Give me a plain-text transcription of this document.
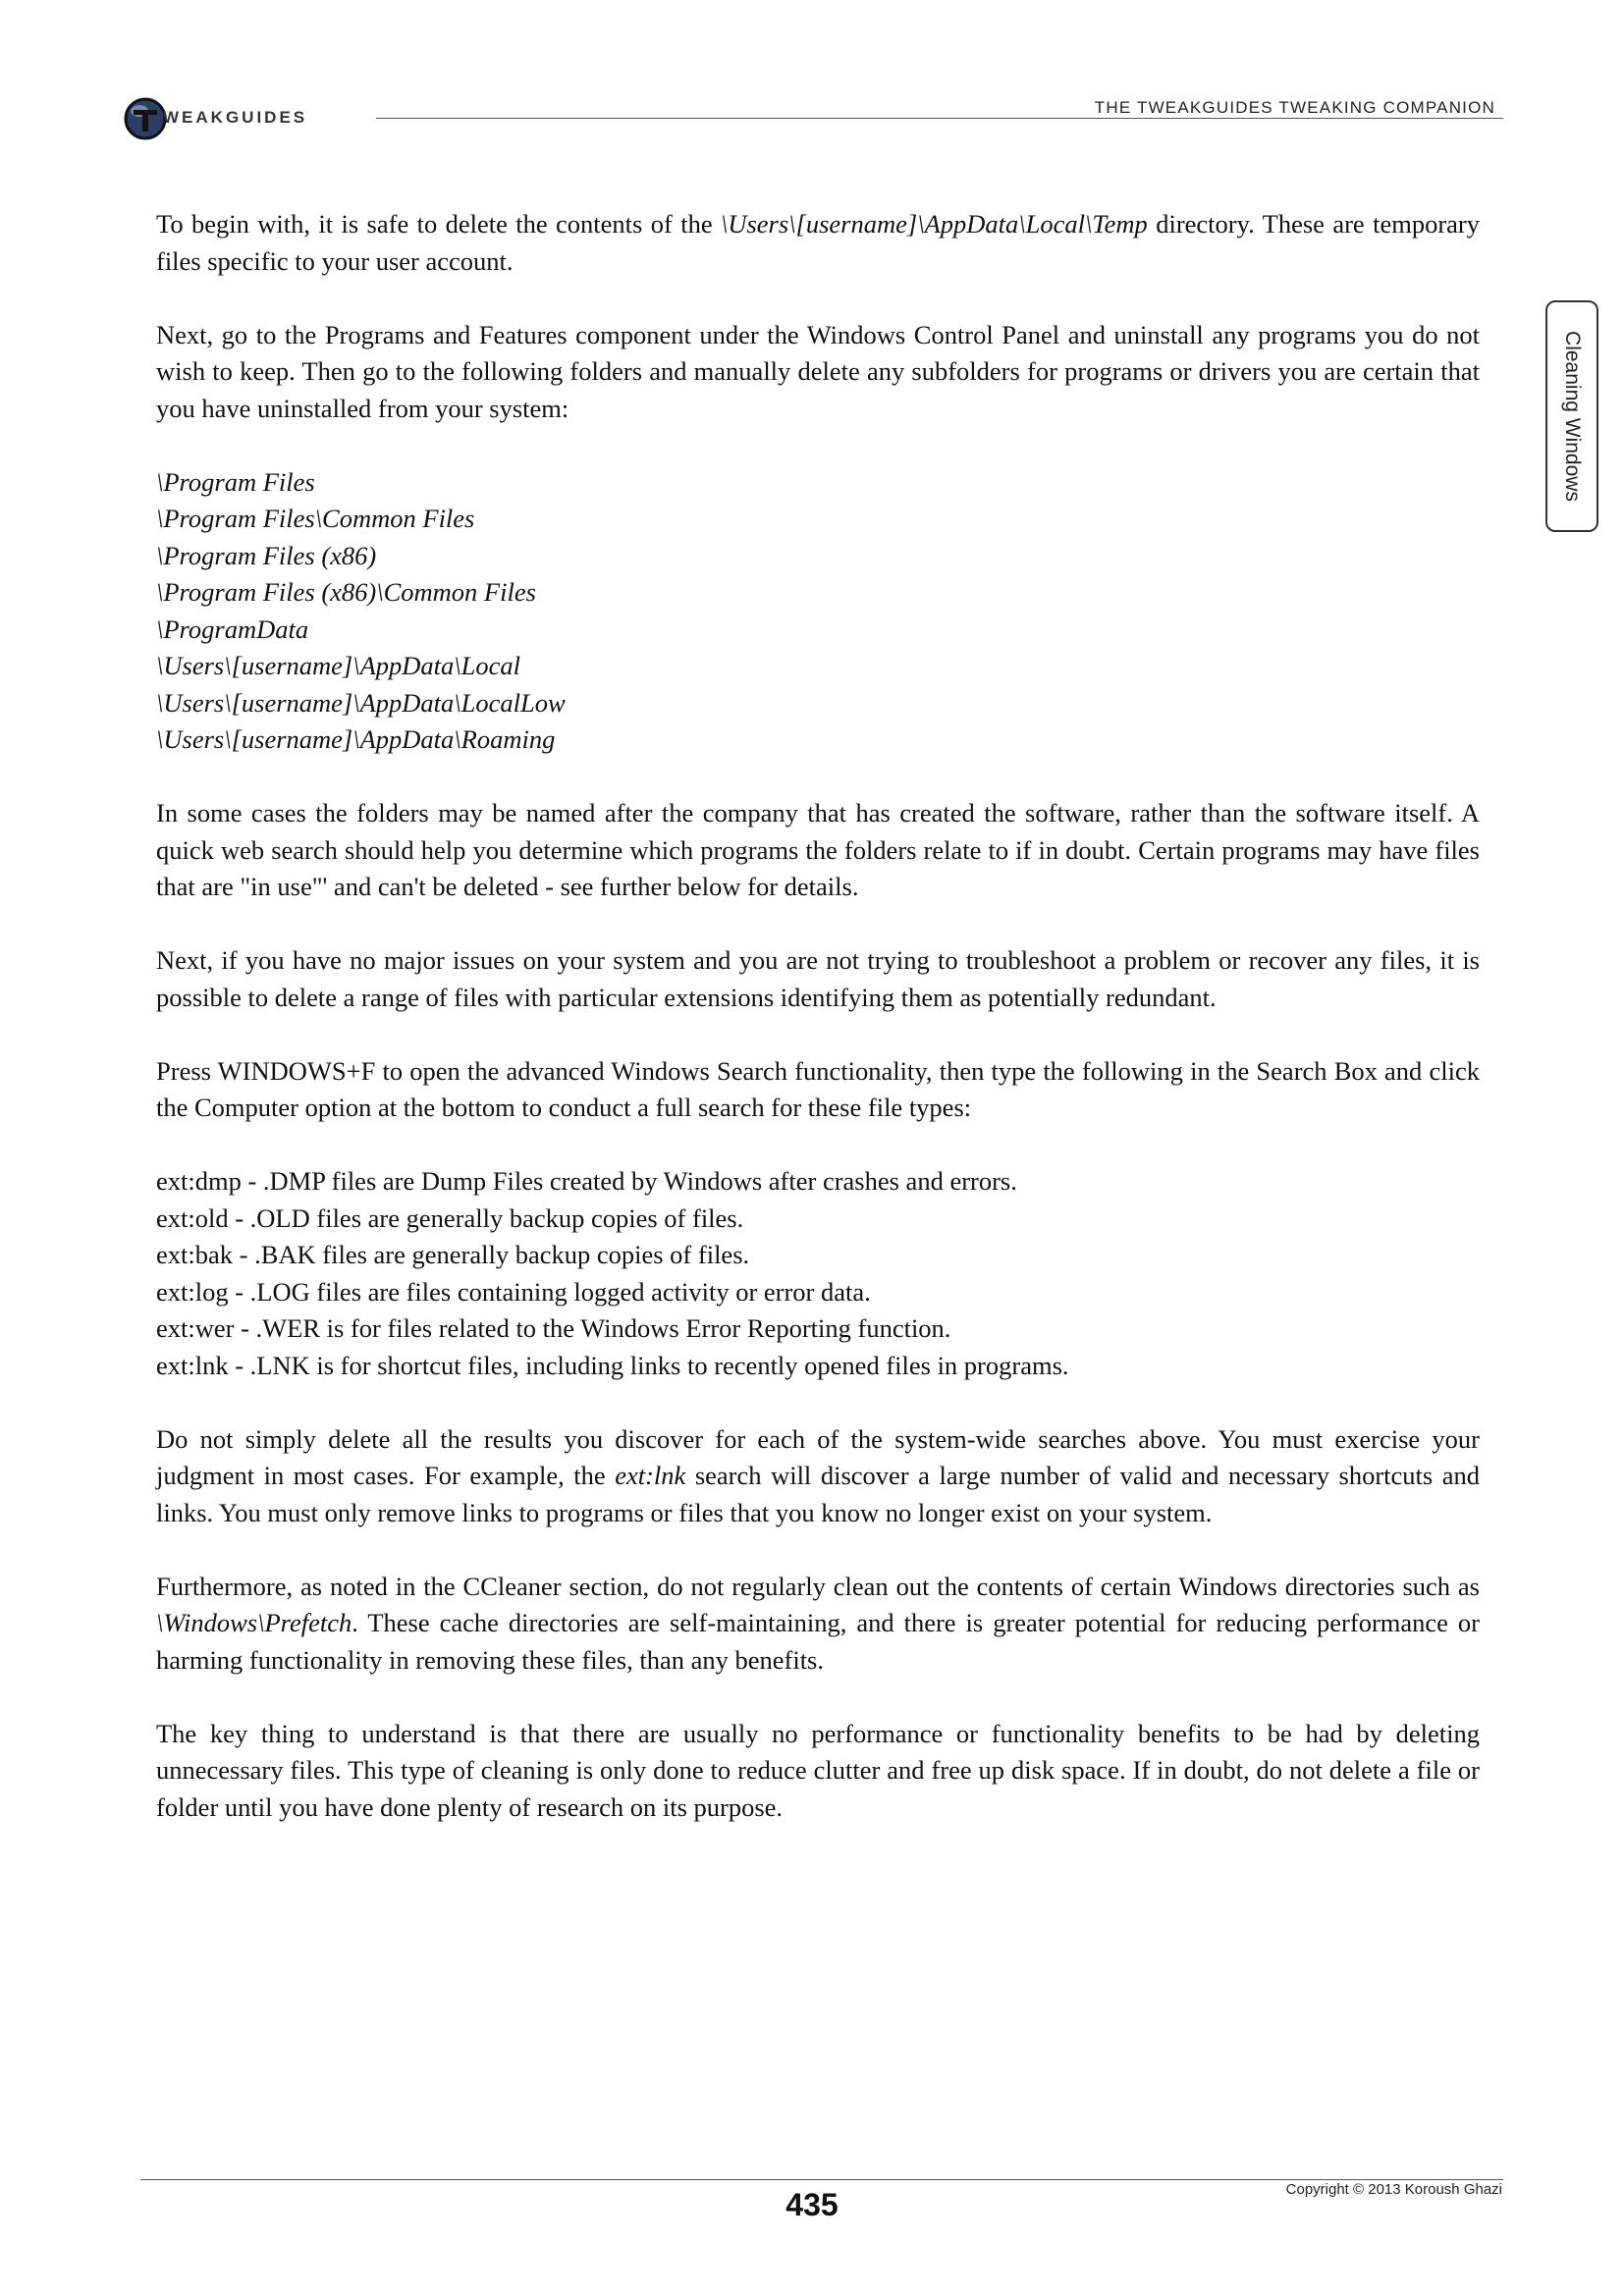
WEAKGUIDES
THE TWEAKGUIDES TWEAKING COMPANION
Cleaning Windows

To begin with, it is safe to delete the contents of the \Users\[username]\AppData\Local\Temp directory. These are temporary files specific to your user account.

Next, go to the Programs and Features component under the Windows Control Panel and uninstall any programs you do not wish to keep. Then go to the following folders and manually delete any subfolders for programs or drivers you are certain that you have uninstalled from your system:

\Program Files
\Program Files\Common Files
\Program Files (x86)
\Program Files (x86)\Common Files
\ProgramData
\Users\[username]\AppData\Local
\Users\[username]\AppData\LocalLow
\Users\[username]\AppData\Roaming

In some cases the folders may be named after the company that has created the software, rather than the software itself. A quick web search should help you determine which programs the folders relate to if in doubt. Certain programs may have files that are "in use"' and can't be deleted - see further below for details.

Next, if you have no major issues on your system and you are not trying to troubleshoot a problem or recover any files, it is possible to delete a range of files with particular extensions identifying them as potentially redundant.

Press WINDOWS+F to open the advanced Windows Search functionality, then type the following in the Search Box and click the Computer option at the bottom to conduct a full search for these file types:

ext:dmp - .DMP files are Dump Files created by Windows after crashes and errors.
ext:old - .OLD files are generally backup copies of files.
ext:bak - .BAK files are generally backup copies of files.
ext:log - .LOG files are files containing logged activity or error data.
ext:wer - .WER is for files related to the Windows Error Reporting function.
ext:lnk - .LNK is for shortcut files, including links to recently opened files in programs.

Do not simply delete all the results you discover for each of the system-wide searches above. You must exercise your judgment in most cases. For example, the ext:lnk search will discover a large number of valid and necessary shortcuts and links. You must only remove links to programs or files that you know no longer exist on your system.

Furthermore, as noted in the CCleaner section, do not regularly clean out the contents of certain Windows directories such as \Windows\Prefetch. These cache directories are self-maintaining, and there is greater potential for reducing performance or harming functionality in removing these files, than any benefits.

The key thing to understand is that there are usually no performance or functionality benefits to be had by deleting unnecessary files. This type of cleaning is only done to reduce clutter and free up disk space. If in doubt, do not delete a file or folder until you have done plenty of research on its purpose.

435	Copyright © 2013 Koroush Ghazi
